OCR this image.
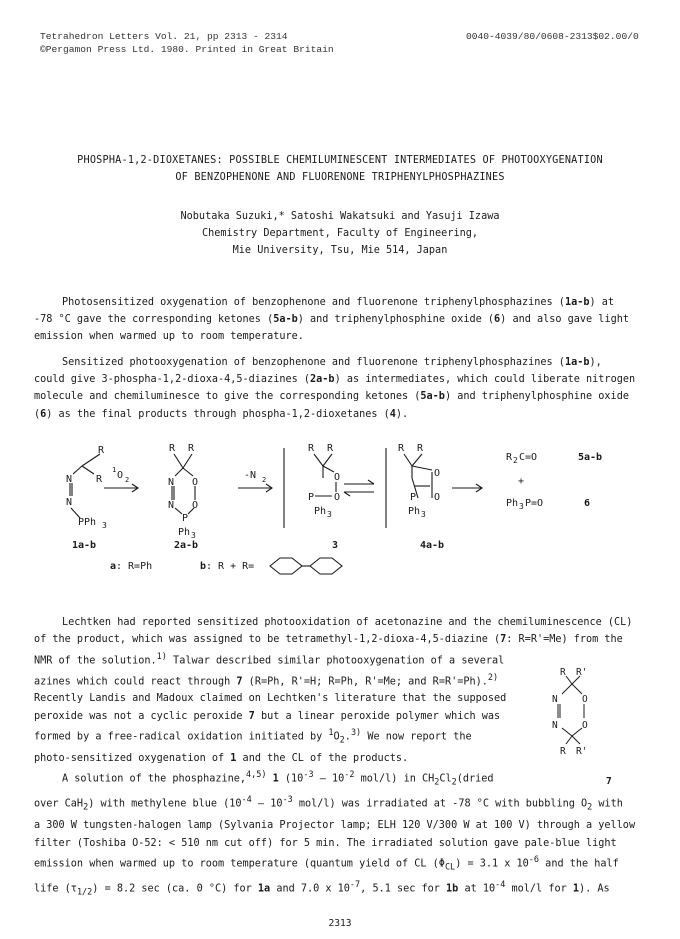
Tetrahedron Letters Vol. 21, pp 2313 - 2314
©Pergamon Press Ltd. 1980. Printed in Great Britain
0040-4039/80/0608-2313$02.00/0
PHOSPHA-1,2-DIOXETANES: POSSIBLE CHEMILUMINESCENT INTERMEDIATES OF PHOTOOXYGENATION
OF BENZOPHENONE AND FLUORENONE TRIPHENYLPHOSPHAZINES
Nobutaka Suzuki,* Satoshi Wakatsuki and Yasuji Izawa
Chemistry Department, Faculty of Engineering,
Mie University, Tsu, Mie 514, Japan
Photosensitized oxygenation of benzophenone and fluorenone triphenylphosphazines (1a-b) at
-78 °C gave the corresponding ketones (5a-b) and triphenylphosphine oxide (6) and also gave light
emission when warmed up to room temperature.
Sensitized photooxygenation of benzophenone and fluorenone triphenylphosphazines (1a-b),
could give 3-phospha-1,2-dioxa-4,5-diazines (2a-b) as intermediates, which could liberate nitrogen
molecule and chemiluminesce to give the corresponding ketones (5a-b) and triphenylphosphine oxide
(6) as the final products through phospha-1,2-dioxetanes (4).
R
R
N
N
PPh 3
1 O 2
R R
N O
N O
P
Ph 3
-N 2
R R
O
P O
Ph 3
R R
O
P O
Ph 3
R 2 C=O	5a-b
+
Ph 3 P=O	6
1a-b	2a-b	3	4a-b
a : R=Ph	b : R + R=
Lechtken had reported sensitized photooxidation of acetonazine and the chemiluminescence (CL)
of the product, which was assigned to be tetramethyl-1,2-dioxa-4,5-diazine (7: R=R'=Me) from the
NMR of the solution.$^{1)}$ Talwar described similar photooxygenation of a several
azines which could react through 7 (R=Ph, R'=H; R=Ph, R'=Me; and R=R'=Ph).$^{2)}$
Recently Landis and Madoux claimed on Lechtken's literature that the supposed
peroxide was not a cyclic peroxide 7 but a linear peroxide polymer which was
formed by a free-radical oxidation initiated by $^1O_2.^{3)}$ We now report the
photo-sensitized oxygenation of 1 and the CL of the products.
A solution of the phosphazine,$^{4,5)}$ 1 ($10^{-3} - 10^{-2}$ mol/l) in $CH_2Cl_2(dried$
over CaH$_2$) with methylene blue ($10^{-4} - 10^{-3}$ mol/l) was irradiated at -78 °C with bubbling $O_2$ with
a 300 W tungsten-halogen lamp (Sylvania Projector lamp; ELH 120 V/300 W at 100 V) through a yellow
filter (Toshiba O-52: < 510 nm cut off) for 5 min. The irradiated solution gave pale-blue light
emission when warmed up to room temperature (quantum yield of CL $(\Phi_{CL}) = 3.1$ x $10^{-6}$ and the half
life $(\tau_{1/2}) = 8.2$ sec (ca. 0 °C) for 1a and 7.0 x $10^{-7}$, 5.1 sec for 1b at $10^{-4}$ mol/l for 1). As
R R'
N	O
N	O
R R'
7
2313
